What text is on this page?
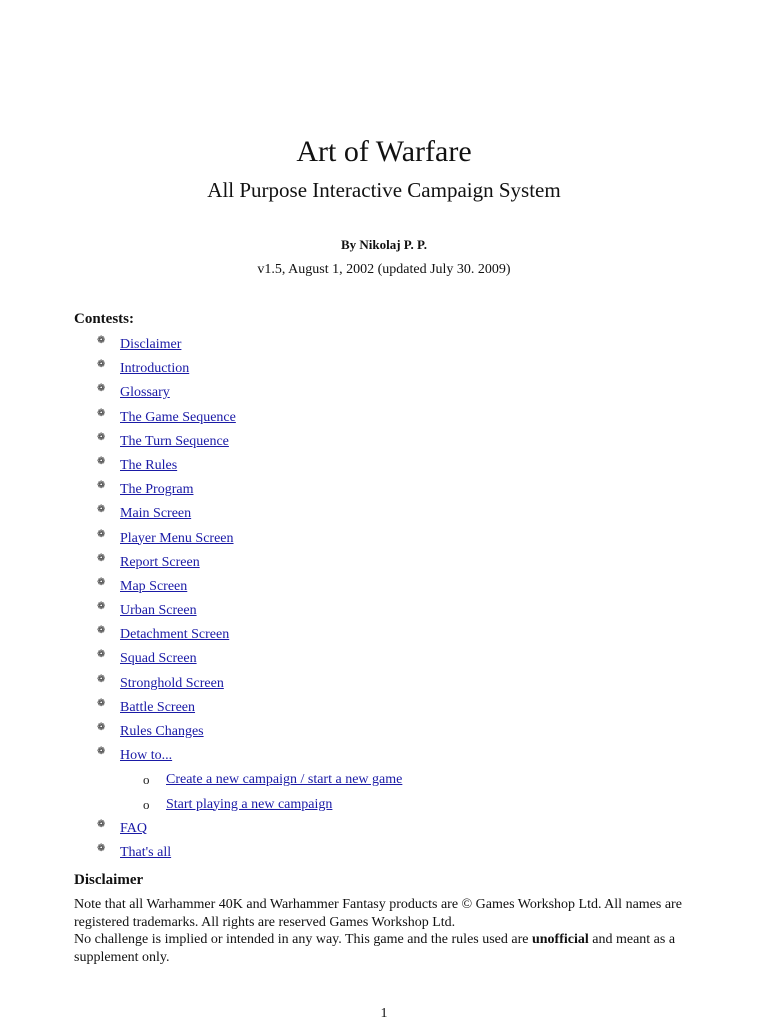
Art of Warfare
All Purpose Interactive Campaign System
By Nikolaj P. P.
v1.5, August 1, 2002 (updated July 30. 2009)
Contests:
❁ Disclaimer
❁ Introduction
❁ Glossary
❁ The Game Sequence
❁ The Turn Sequence
❁ The Rules
❁ The Program
❁ Main Screen
❁ Player Menu Screen
❁ Report Screen
❁ Map Screen
❁ Urban Screen
❁ Detachment Screen
❁ Squad Screen
❁ Stronghold Screen
❁ Battle Screen
❁ Rules Changes
❁ How to...
o Create a new campaign / start a new game
o Start playing a new campaign
❁ FAQ
❁ That's all
Disclaimer

Note that all Warhammer 40K and Warhammer Fantasy products are © Games Workshop Ltd. All names are registered trademarks. All rights are reserved Games Workshop Ltd.

No challenge is implied or intended in any way. This game and the rules used are unofficial and meant as a supplement only.

1
